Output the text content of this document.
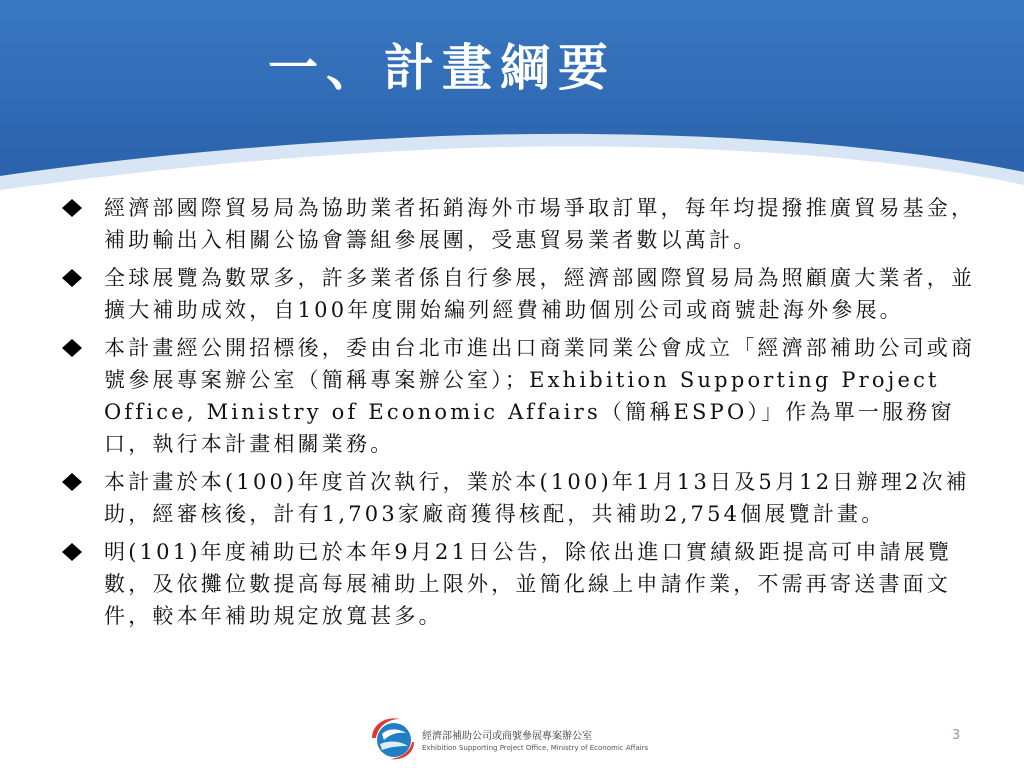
一、計畫綱要
經濟部國際貿易局為協助業者拓銷海外市場爭取訂單，每年均提撥推廣貿易基金，補助輸出入相關公協會籌組參展團，受惠貿易業者數以萬計。
全球展覽為數眾多，許多業者係自行參展，經濟部國際貿易局為照顧廣大業者，並擴大補助成效，自100年度開始編列經費補助個別公司或商號赴海外參展。
本計畫經公開招標後，委由台北市進出口商業同業公會成立「經濟部補助公司或商號參展專案辦公室（簡稱專案辦公室）；Exhibition Supporting Project Office, Ministry of Economic Affairs（簡稱ESPO）」作為單一服務窗口，執行本計畫相關業務。
本計畫於本(100)年度首次執行，業於本(100)年1月13日及5月12日辦理2次補助，經審核後，計有1,703家廠商獲得核配，共補助2,754個展覽計畫。
明(101)年度補助已於本年9月21日公告，除依出進口實績級距提高可申請展覽數，及依攤位數提高每展補助上限外，並簡化線上申請作業，不需再寄送書面文件，較本年補助規定放寬甚多。
經濟部補助公司或商號參展專案辦公室
Exhibition Supporting Project Office, Ministry of Economic Affairs
3
